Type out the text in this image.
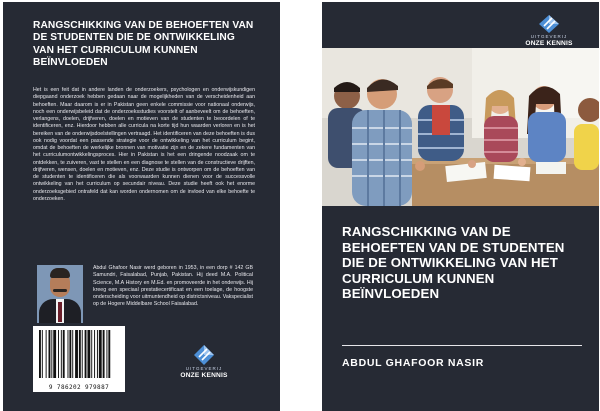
RANGSCHIKKING VAN DE BEHOEFTEN VAN DE STUDENTEN DIE DE ONTWIKKELING VAN HET CURRICULUM KUNNEN BEÏNVLOEDEN
Het is een feit dat in andere landen de onderzoekers, psychologen en onderwijskundigen diepgaand onderzoek hebben gedaan naar de mogelijkheden van de verscheidenheid aan behoeften. Maar daarom is er in Pakistan geen enkele commissie voor nationaal onderwijs, noch een onderwijsbeleid dat de onderzoeksstudies voorstelt of aanbeveelt om de behoeften, verlangens, doelen, drijfveren, doelen en motieven van de studenten te beoordelen of te identificeren, enz. Hierdoor hebben alle curricula na korte tijd hun waarden verloren en is het bereiken van de onderwijsdoelstellingen vertraagd. Het identificeren van deze behoeften is dus ook nodig voordat een passende strategie voor de ontwikkeling van het curriculum begint, omdat de behoeften de werkelijke bronnen van motivatie zijn en de zekere fundamenten van het curriculumontwikkelingsproces. Hier in Pakistan is het een dringende noodzaak om te ontdekken, te zuiveren, vast te stellen en een diagnose te stellen van de constructieve drijften, drijfveren, wensen, doelen en motieven, enz. Deze studie is ontworpen om de behoeften van de studenten te identificeren die als voorwaarden kunnen dienen voor de successvolle ontwikkeling van het curriculum op secundair niveau. Deze studie heeft ook het enorme onderzoeksgebied ontrafeld dat kan worden ondernomen om de invloed van elke behoefte te onderzoeken.
Abdul Ghafoor Nasir werd geboren in 1953, in een dorp # 142 GB Samundri, Faisalabad, Punjab, Pakistan. Hij deed M.A. Political Science, M.A History en M.Ed. en promoveerde in het onderwijs. Hij kreeg een speciaal prestatiecertificaat en een toelage, de hoogste onderscheiding voor uitmuntendheid op districtsniveau. Vakspecialist op de Hogere Middelbare School Faisalabad.
9 786202 979887
UITGEVERIJ
ONZE KENNIS
UITGEVERIJ
ONZE KENNIS
RANGSCHIKKING VAN DE BEHOEFTEN VAN DE STUDENTEN DIE DE ONTWIKKELING VAN HET CURRICULUM KUNNEN BEÏNVLOEDEN
ABDUL GHAFOOR NASIR
